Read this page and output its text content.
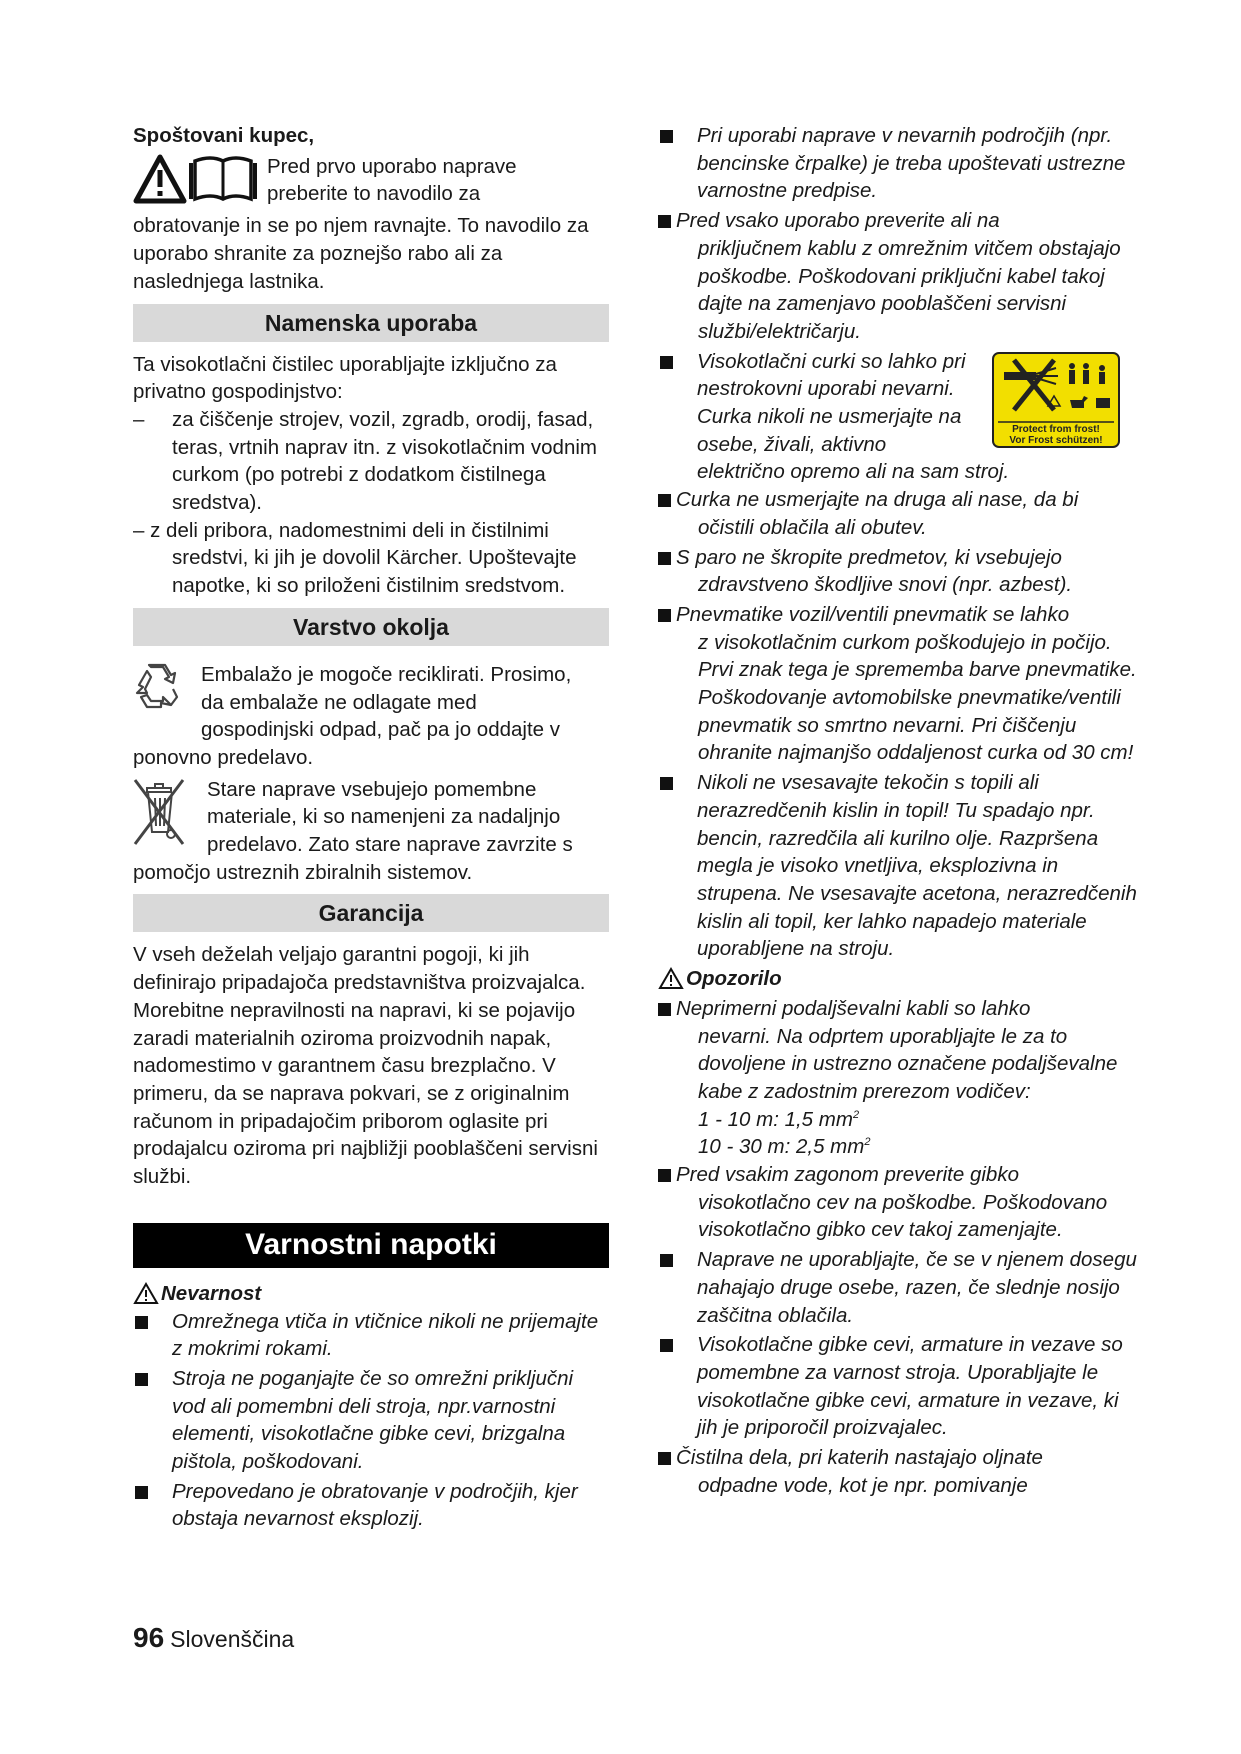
Spoštovani kupec,

Pred prvo uporabo naprave

preberite to navodilo za

obratovanje in se po njem ravnajte. To navodilo za uporabo shranite za poznejšo rabo ali za naslednjega lastnika.

Namenska uporaba

Ta visokotlačni čistilec uporabljajte izključno za privatno gospodinjstvo:

– za čiščenje strojev, vozil, zgradb, orodij, fasad, teras, vrtnih naprav itn. z visokotlačnim vodnim curkom (po potrebi z dodatkom čistilnega sredstva).

– z deli pribora, nadomestnimi deli in čistilnimi

sredstvi, ki jih je dovolil Kärcher. Upoštevajte napotke, ki so priloženi čistilnim sredstvom.

Varstvo okolja

Embalažo je mogoče reciklirati. Prosimo,

da embalaže ne odlagate med

gospodinjski odpad, pač pa jo oddajte v

ponovno predelavo.

Stare naprave vsebujejo pomembne

materiale, ki so namenjeni za nadaljnjo

predelavo. Zato stare naprave zavrzite s

pomočjo ustreznih zbiralnih sistemov.

Garancija

V vseh deželah veljajo garantni pogoji, ki jih definirajo pripadajoča predstavništva proizvajalca. Morebitne nepravilnosti na napravi, ki se pojavijo zaradi materialnih oziroma proizvodnih napak, nadomestimo v garantnem času brezplačno. V primeru, da se naprava pokvari, se z originalnim računom in pripadajočim priborom oglasite pri prodajalcu oziroma pri najbližji pooblaščeni servisni službi.

Varnostni napotki
Nevarnost

Omrežnega vtiča in vtičnice nikoli ne prijemajte z mokrimi rokami.

Stroja ne poganjajte če so omrežni priključni vod ali pomembni deli stroja, npr.varnostni elementi, visokotlačne gibke cevi, brizgalna pištola, poškodovani.

Prepovedano je obratovanje v področjih, kjer obstaja nevarnost eksplozij.

Pri uporabi naprave v nevarnih področjih (npr. bencinske črpalke) je treba upoštevati ustrezne varnostne predpise.

Pred vsako uporabo preverite ali na

priključnem kablu z omrežnim vitčem obstajajo poškodbe. Poškodovani priključni kabel takoj dajte na zamenjavo pooblaščeni servisni službi/električarju.

Visokotlačni curki so lahko pri

nestrokovni uporabi nevarni.

Curka nikoli ne usmerjajte na

osebe, živali, aktivno

električno opremo ali na sam stroj.

Curka ne usmerjajte na druga ali nase, da bi

očistili oblačila ali obutev.

S paro ne škropite predmetov, ki vsebujejo

zdravstveno škodljive snovi (npr. azbest).

Pnevmatike vozil/ventili pnevmatik se lahko

z visokotlačnim curkom poškodujejo in počijo. Prvi znak tega je sprememba barve pnevmatike. Poškodovanje avtomobilske pnevmatike/ventili pnevmatik so smrtno nevarni. Pri čiščenju ohranite najmanjšo oddaljenost curka od 30 cm!

Nikoli ne vsesavajte tekočin s topili ali nerazredčenih kislin in topil! Tu spadajo npr. bencin, razredčila ali kurilno olje. Razpršena megla je visoko vnetljiva, eksplozivna in strupena. Ne vsesavajte acetona, nerazredčenih kislin ali topil, ker lahko napadejo materiale uporabljene na stroju.

Opozorilo

Neprimerni podaljševalni kabli so lahko

nevarni. Na odprtem uporabljajte le za to dovoljene in ustrezno označene podaljševalne kabe z zadostnim prerezom vodičev:

1 - 10 m: 1,5 $mm^2$

10 - 30 m: 2,5 $mm^2$

Pred vsakim zagonom preverite gibko

visokotlačno cev na poškodbe. Poškodovano visokotlačno gibko cev takoj zamenjajte.

Naprave ne uporabljajte, če se v njenem dosegu nahajajo druge osebe, razen, če slednje nosijo zaščitna oblačila.

Visokotlačne gibke cevi, armature in vezave so pomembne za varnost stroja. Uporabljajte le visokotlačne gibke cevi, armature in vezave, ki jih je priporočil proizvajalec.

Čistilna dela, pri katerih nastajajo oljnate

odpadne vode, kot je npr. pomivanje

Protect from frost!
Vor Frost schützen!
96 Slovenščina
